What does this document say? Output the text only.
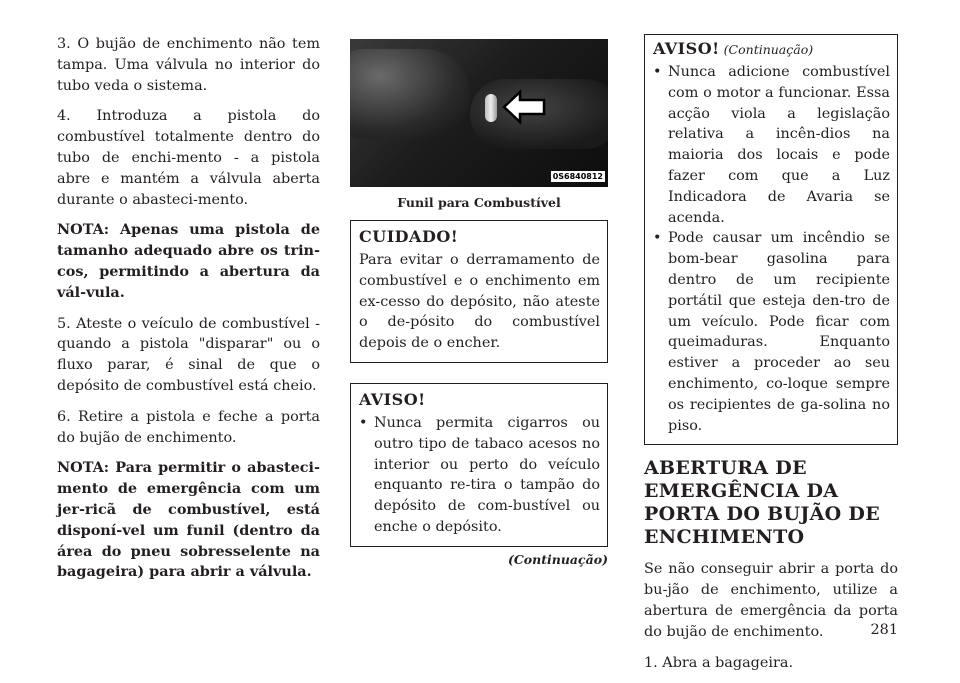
3. O bujão de enchimento não tem tampa. Uma válvula no interior do tubo veda o sistema.

4. Introduza a pistola do combustível totalmente dentro do tubo de enchi-mento - a pistola abre e mantém a válvula aberta durante o abasteci-mento.

NOTA: Apenas uma pistola de tamanho adequado abre os trin-cos, permitindo a abertura da vál-vula.

5. Ateste o veículo de combustível - quando a pistola "disparar" ou o fluxo parar, é sinal de que o depósito de combustível está cheio.

6. Retire a pistola e feche a porta do bujão de enchimento.

NOTA: Para permitir o abasteci-mento de emergência com um jer-ricã de combustível, está disponí-vel um funil (dentro da área do pneu sobresselente na bagageira) para abrir a válvula.

0S6840812
Funil para Combustível
CUIDADO!

Para evitar o derramamento de combustível e o enchimento em ex-cesso do depósito, não ateste o de-pósito do combustível depois de o encher.

AVISO!
• Nunca permita cigarros ou outro tipo de tabaco acesos no interior ou perto do veículo enquanto re-tira o tampão do depósito de com-bustível ou enche o depósito.
(Continuação)
AVISO! (Continuação)
• Nunca adicione combustível com o motor a funcionar. Essa acção viola a legislação relativa a incên-dios na maioria dos locais e pode fazer com que a Luz Indicadora de Avaria se acenda.
• Pode causar um incêndio se bom-bear gasolina para dentro de um recipiente portátil que esteja den-tro de um veículo. Pode ficar com queimaduras. Enquanto estiver a proceder ao seu enchimento, co-loque sempre os recipientes de ga-solina no piso.
ABERTURA DE EMERGÊNCIA DA PORTA DO BUJÃO DE ENCHIMENTO

Se não conseguir abrir a porta do bu-jão de enchimento, utilize a abertura de emergência da porta do bujão de enchimento.

1. Abra a bagageira.

281
